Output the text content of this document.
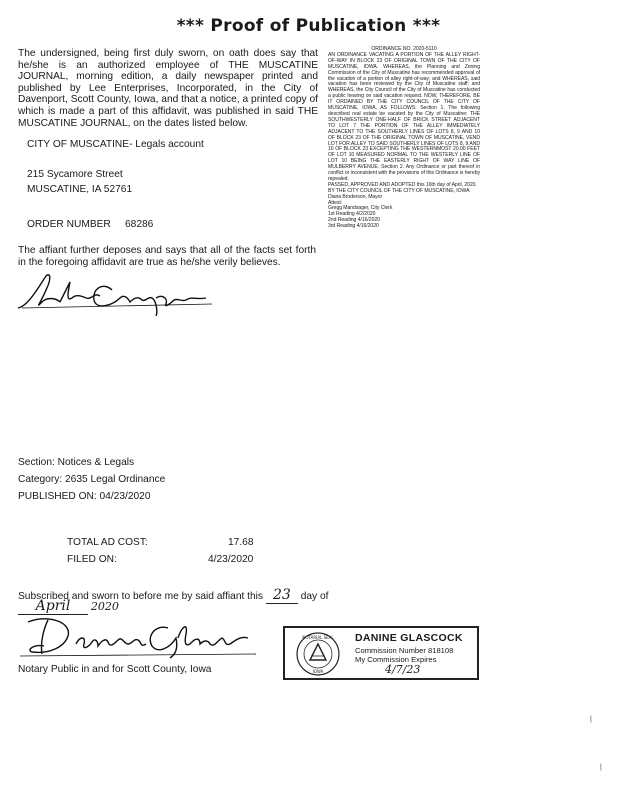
*** Proof of Publication ***
The undersigned, being first duly sworn, on oath does say that he/she is an authorized employee of THE MUSCATINE JOURNAL, morning edition, a daily newspaper printed and published by Lee Enterprises, Incorporated, in the City of Davenport, Scott County, Iowa, and that a notice, a printed copy of which is made a part of this affidavit, was published in said THE MUSCATINE JOURNAL, on the dates listed below.
CITY OF MUSCATINE- Legals account
215 Sycamore Street
MUSCATINE, IA 52761
ORDER NUMBER 68286
The affiant further deposes and says that all of the facts set forth in the foregoing affidavit are true as he/she verily believes.
Section: Notices & Legals
Category: 2635 Legal Ordinance
PUBLISHED ON: 04/23/2020
TOTAL AD COST:	17.68
FILED ON:	4/23/2020
Subscribed and sworn to before me by said affiant this 23 day of
April 2020
Notary Public in and for Scott County, Iowa
NOTARIAL SEAL
IOWA
DANINE GLASCOCK
Commission Number 818108
My Commission Expires
4/7/23

ORDINANCE NO. 2020-5110

AN ORDINANCE VACATING A PORTION OF THE ALLEY RIGHT-OF-WAY IN BLOCK 23 OF ORIGINAL TOWN OF THE CITY OF MUSCATINE, IOWA. WHEREAS, the Planning and Zoning Commission of the City of Muscatine has recommended approval of the vacation of a portion of alley right-of-way; and WHEREAS, said vacation has been reviewed by the City of Muscatine staff; and WHEREAS, the City Council of the City of Muscatine has conducted a public hearing on said vacation request. NOW, THEREFORE, BE IT ORDAINED BY THE CITY COUNCIL OF THE CITY OF MUSCATINE, IOWA, AS FOLLOWS: Section 1. The following described real estate be vacated by the City of Muscatine: THE SOUTHWESTERLY ONE-HALF OF BRICK STREET ADJACENT TO LOT 7 THE PORTION OF THE ALLEY IMMEDIATELY ADJACENT TO THE SOUTHERLY LINES OF LOTS 8, 9 AND 10 OF BLOCK 23 OF THE ORIGINAL TOWN OF MUSCATINE, VEND LOT FOR ALLEY TO SAID SOUTHERLY LINES OF LOTS 8, 9 AND 10 OF BLOCK 23 EXCEPTING THE WESTERNMOST 20.00 FEET OF LOT 10 MEASURED NORMAL TO THE WESTERLY LINE OF LOT 10 BEING THE EASTERLY RIGHT OF WAY LINE OF MULBERRY AVENUE. Section 2. Any Ordinance or part thereof in conflict or inconsistent with the provisions of this Ordinance is hereby repealed.

PASSED, APPROVED AND ADOPTED this 16th day of April, 2020.

BY THE CITY COUNCIL OF THE CITY OF MUSCATINE, IOWA

Diana Broderson, Mayor

Attest:

Gregg Mandsager, City Clerk

1st Reading 4/2/2020

2nd Reading 4/16/2020

3rd Reading 4/16/2020

|
|
